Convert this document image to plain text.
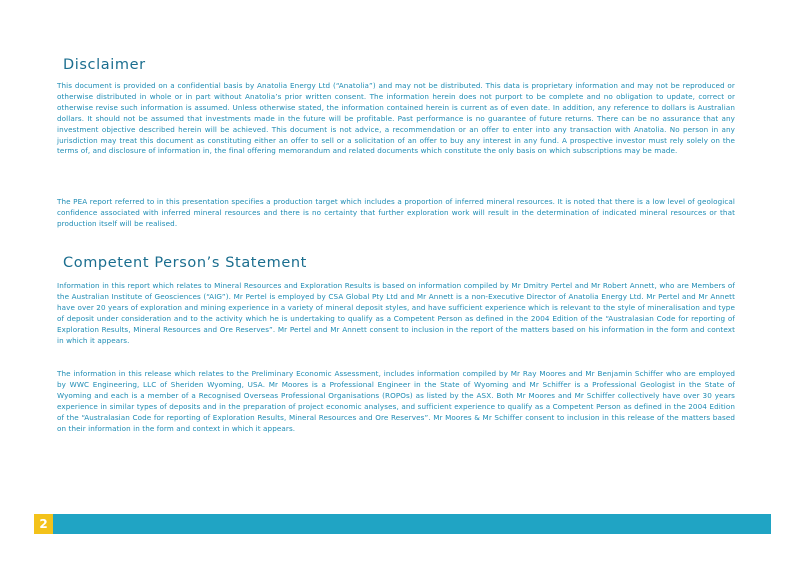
Disclaimer

This document is provided on a confidential basis by Anatolia Energy Ltd (“Anatolia”) and may not be distributed. This data is proprietary information and may not be reproduced or otherwise distributed in whole or in part without Anatolia’s prior written consent. The information herein does not purport to be complete and no obligation to update, correct or otherwise revise such information is assumed. Unless otherwise stated, the information contained herein is current as of even date. In addition, any reference to dollars is Australian dollars. It should not be assumed that investments made in the future will be profitable. Past performance is no guarantee of future returns. There can be no assurance that any investment objective described herein will be achieved. This document is not advice, a recommendation or an offer to enter into any transaction with Anatolia. No person in any jurisdiction may treat this document as constituting either an offer to sell or a solicitation of an offer to buy any interest in any fund. A prospective investor must rely solely on the terms of, and disclosure of information in, the final offering memorandum and related documents which constitute the only basis on which subscriptions may be made.

The PEA report referred to in this presentation specifies a production target which includes a proportion of inferred mineral resources. It is noted that there is a low level of geological confidence associated with inferred mineral resources and there is no certainty that further exploration work will result in the determination of indicated mineral resources or that production itself will be realised.

Competent Person’s Statement

Information in this report which relates to Mineral Resources and Exploration Results is based on information compiled by Mr Dmitry Pertel and Mr Robert Annett, who are Members of the Australian Institute of Geosciences (“AIG”). Mr Pertel is employed by CSA Global Pty Ltd and Mr Annett is a non-Executive Director of Anatolia Energy Ltd. Mr Pertel and Mr Annett have over 20 years of exploration and mining experience in a variety of mineral deposit styles, and have sufficient experience which is relevant to the style of mineralisation and type of deposit under consideration and to the activity which he is undertaking to qualify as a Competent Person as defined in the 2004 Edition of the “Australasian Code for reporting of Exploration Results, Mineral Resources and Ore Reserves”. Mr Pertel and Mr Annett consent to inclusion in the report of the matters based on his information in the form and context in which it appears.

The information in this release which relates to the Preliminary Economic Assessment, includes information compiled by Mr Ray Moores and Mr Benjamin Schiffer who are employed by WWC Engineering, LLC of Sheriden Wyoming, USA. Mr Moores is a Professional Engineer in the State of Wyoming and Mr Schiffer is a Professional Geologist in the State of Wyoming and each is a member of a Recognised Overseas Professional Organisations (ROPOs) as listed by the ASX. Both Mr Moores and Mr Schiffer collectively have over 30 years experience in similar types of deposits and in the preparation of project economic analyses, and sufficient experience to qualify as a Competent Person as defined in the 2004 Edition of the “Australasian Code for reporting of Exploration Results, Mineral Resources and Ore Reserves”. Mr Moores & Mr Schiffer consent to inclusion in this release of the matters based on their information in the form and context in which it appears.

2
